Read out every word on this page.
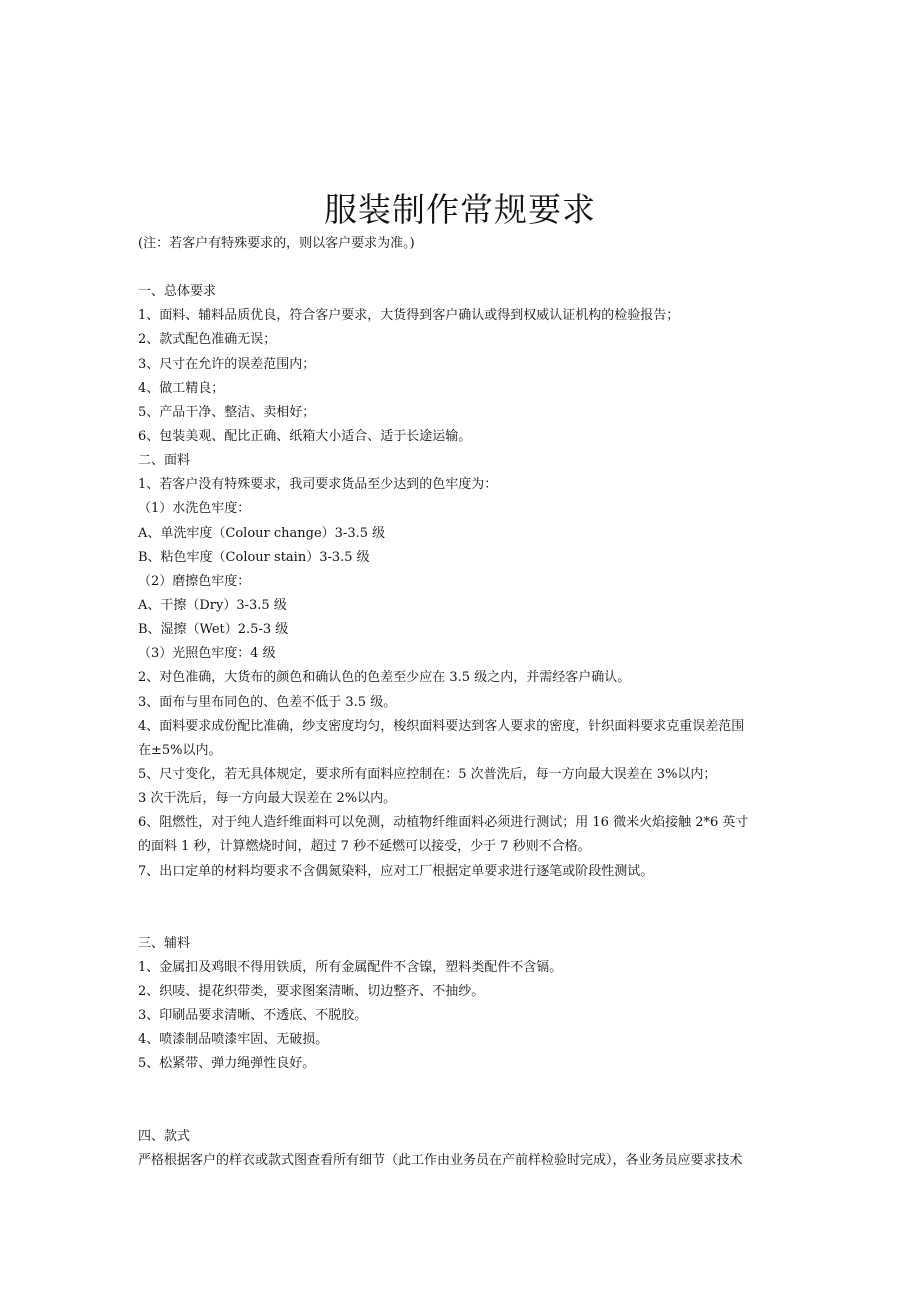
服装制作常规要求
(注：若客户有特殊要求的，则以客户要求为准。)
一、总体要求
1、面料、辅料品质优良，符合客户要求，大货得到客户确认或得到权威认证机构的检验报告；
2、款式配色准确无误；
3、尺寸在允许的误差范围内；
4、做工精良；
5、产品干净、整洁、卖相好；
6、包装美观、配比正确、纸箱大小适合、适于长途运输。
二、面料
1、若客户没有特殊要求，我司要求货品至少达到的色牢度为：
（1）水洗色牢度：
A、单洗牢度（Colour change）3-3.5 级
B、粘色牢度（Colour stain）3-3.5 级
（2）磨擦色牢度：
A、干擦（Dry）3-3.5 级
B、湿擦（Wet）2.5-3 级
（3）光照色牢度：4 级
2、对色准确，大货布的颜色和确认色的色差至少应在 3.5 级之内，并需经客户确认。
3、面布与里布同色的、色差不低于 3.5 级。
4、面料要求成份配比准确，纱支密度均匀，梭织面料要达到客人要求的密度，针织面料要求克重误差范围
在±5%以内。
5、尺寸变化，若无具体规定，要求所有面料应控制在：5 次普洗后，每一方向最大误差在 3%以内；
3 次干洗后，每一方向最大误差在 2%以内。
6、阻燃性，对于纯人造纤维面料可以免测，动植物纤维面料必须进行测试；用 16 微米火焰接触 2*6 英寸
的面料 1 秒，计算燃烧时间，超过 7 秒不延燃可以接受，少于 7 秒则不合格。
7、出口定单的材料均要求不含偶氮染料，应对工厂根据定单要求进行逐笔或阶段性测试。
三、辅料
1、金属扣及鸡眼不得用铁质，所有金属配件不含镍，塑料类配件不含镉。
2、织唛、提花织带类，要求图案清晰、切边整齐、不抽纱。
3、印刷品要求清晰、不透底、不脱胶。
4、喷漆制品喷漆牢固、无破损。
5、松紧带、弹力绳弹性良好。
四、款式
严格根据客户的样衣或款式图查看所有细节（此工作由业务员在产前样检验时完成），各业务员应要求技术
